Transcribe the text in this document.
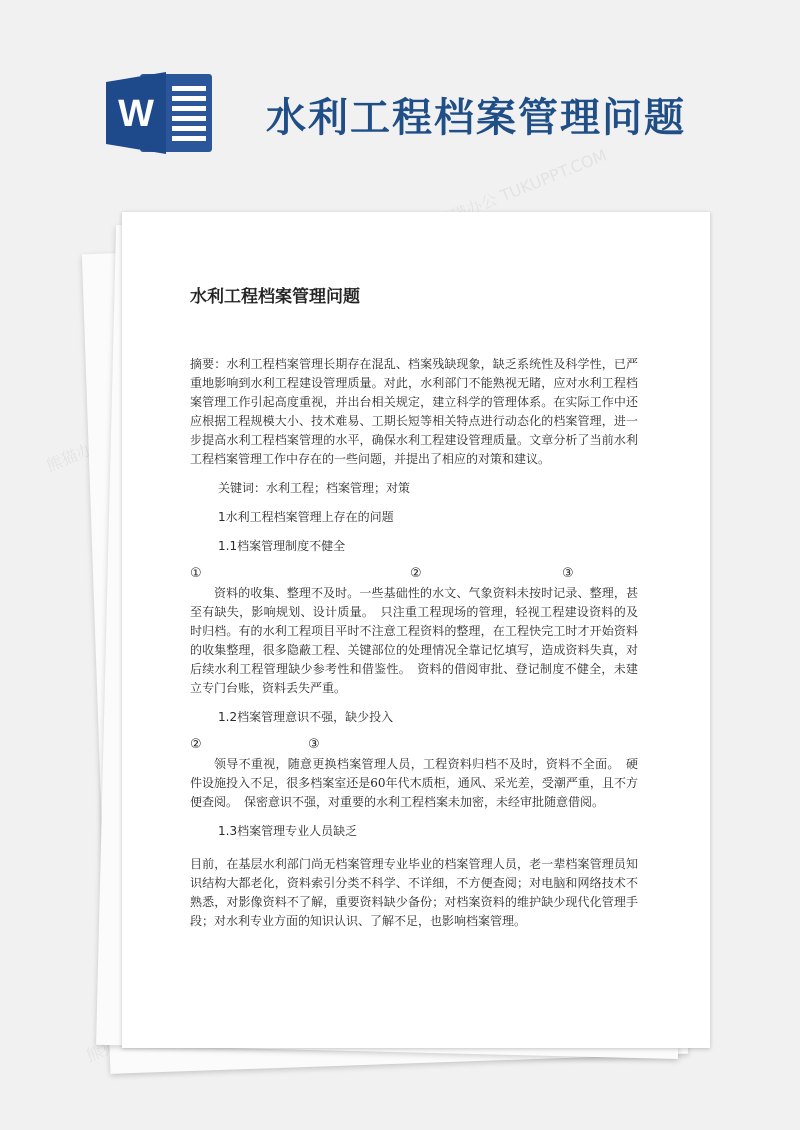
W	水利工程档案管理问题
熊猫办公 TUKUPPT.COM
熊猫办公
水利工程档案管理问题

摘要：水利工程档案管理长期存在混乱、档案残缺现象，缺乏系统性及科学性，已严重地影响到水利工程建设管理质量。对此，水利部门不能熟视无睹，应对水利工程档案管理工作引起高度重视，并出台相关规定，建立科学的管理体系。在实际工作中还应根据工程规模大小、技术难易、工期长短等相关特点进行动态化的档案管理，进一步提高水利工程档案管理的水平，确保水利工程建设管理质量。文章分析了当前水利工程档案管理工作中存在的一些问题，并提出了相应的对策和建议。

关键词：水利工程；档案管理；对策

1水利工程档案管理上存在的问题

1.1档案管理制度不健全

①	②	③

资料的收集、整理不及时。一些基础性的水文、气象资料未按时记录、整理，甚至有缺失，影响规划、设计质量。　只注重工程现场的管理，轻视工程建设资料的及时归档。有的水利工程项目平时不注意工程资料的整理，在工程快完工时才开始资料的收集整理，很多隐蔽工程、关键部位的处理情况全靠记忆填写，造成资料失真，对后续水利工程管理缺少参考性和借鉴性。　资料的借阅审批、登记制度不健全，未建立专门台账，资料丢失严重。

1.2档案管理意识不强，缺少投入

②	③

领导不重视，随意更换档案管理人员，工程资料归档不及时，资料不全面。　硬件设施投入不足，很多档案室还是60年代木质柜，通风、采光差，受潮严重，且不方便查阅。　保密意识不强，对重要的水利工程档案未加密，未经审批随意借阅。

1.3档案管理专业人员缺乏

目前，在基层水利部门尚无档案管理专业毕业的档案管理人员，老一辈档案管理员知识结构大都老化，资料索引分类不科学、不详细，不方便查阅；对电脑和网络技术不熟悉，对影像资料不了解，重要资料缺少备份；对档案资料的维护缺少现代化管理手段；对水利专业方面的知识认识、了解不足，也影响档案管理。
